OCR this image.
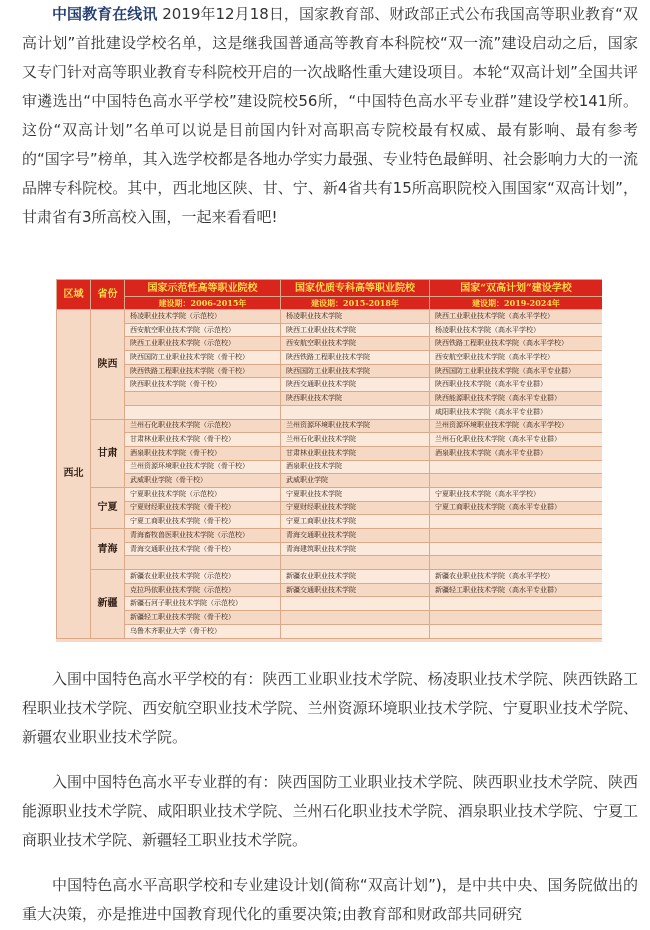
中国教育在线讯 2019年12月18日，国家教育部、财政部正式公布我国高等职业教育“双高计划”首批建设学校名单，这是继我国普通高等教育本科院校“双一流”建设启动之后，国家又专门针对高等职业教育专科院校开启的一次战略性重大建设项目。本轮“双高计划”全国共评审遴选出“中国特色高水平学校”建设院校56所，“中国特色高水平专业群”建设学校141所。这份“双高计划”名单可以说是目前国内针对高职高专院校最有权威、最有影响、最有参考的“国字号”榜单，其入选学校都是各地办学实力最强、专业特色最鲜明、社会影响力大的一流品牌专科院校。其中，西北地区陕、甘、宁、新4省共有15所高职院校入围国家“双高计划”，甘肃省有3所高校入围，一起来看看吧!

区域	省份	国家示范性高等职业院校	国家优质专科高等职业院校	国家“双高计划”建设学校
		建设期：2006-2015年	建设期：2015-2018年	建设期：2019-2024年
西北	陕西	杨凌职业技术学院（示范校）	杨凌职业技术学院	陕西工业职业技术学院（高水平学校）
		西安航空职业技术学院（示范校）	陕西工业职业技术学院	杨凌职业技术学院（高水平学校）
		陕西工业职业技术学院（示范校）	西安航空职业技术学院	陕西铁路工程职业技术学院（高水平学校）
		陕西国防工业职业技术学院（骨干校）	陕西铁路工程职业技术学院	西安航空职业技术学院（高水平学校）
		陕西铁路工程职业技术学院（骨干校）	陕西国防工业职业技术学院	陕西国防工业职业技术学院（高水平专业群）
		陕西职业技术学院（骨干校）	陕西交通职业技术学院	陕西职业技术学院（高水平专业群）
			陕西职业技术学院	陕西能源职业技术学院（高水平专业群）
				咸阳职业技术学院（高水平专业群）
	甘肃	兰州石化职业技术学院（示范校）	兰州资源环境职业技术学院	兰州资源环境职业技术学院（高水平学校）
		甘肃林业职业技术学院（骨干校）	兰州石化职业技术学院	兰州石化职业技术学院（高水平专业群）
		酒泉职业技术学院（骨干校）	甘肃林业职业技术学院	酒泉职业技术学院（高水平专业群）
		兰州资源环境职业技术学院（骨干校）	酒泉职业技术学院	
		武威职业学院（骨干校）	武威职业学院	
	宁夏	宁夏职业技术学院（示范校）	宁夏职业技术学院	宁夏职业技术学院（高水平学校）
		宁夏财经职业技术学院（骨干校）	宁夏财经职业技术学院	宁夏工商职业技术学院（高水平专业群）
		宁夏工商职业技术学院（骨干校）	宁夏工商职业技术学院	
	青海	青海畜牧兽医职业技术学院（示范校）	青海交通职业技术学院	
		青海交通职业技术学院（骨干校）	青海建筑职业技术学院	

	新疆	新疆农业职业技术学院（示范校）	新疆农业职业技术学院	新疆农业职业技术学院（高水平学校）
		克拉玛依职业技术学院（示范校）	新疆交通职业技术学院	新疆轻工职业技术学院（高水平专业群）
		新疆石河子职业技术学院（示范校）		
		新疆轻工职业技术学院（骨干校）		
		乌鲁木齐职业大学（骨干校）		

入围中国特色高水平学校的有：陕西工业职业技术学院、杨凌职业技术学院、陕西铁路工程职业技术学院、西安航空职业技术学院、兰州资源环境职业技术学院、宁夏职业技术学院、新疆农业职业技术学院。

入围中国特色高水平专业群的有：陕西国防工业职业技术学院、陕西职业技术学院、陕西能源职业技术学院、咸阳职业技术学院、兰州石化职业技术学院、酒泉职业技术学院、宁夏工商职业技术学院、新疆轻工职业技术学院。

中国特色高水平高职学校和专业建设计划(简称“双高计划”)，是中共中央、国务院做出的重大决策，亦是推进中国教育现代化的重要决策;由教育部和财政部共同研究
